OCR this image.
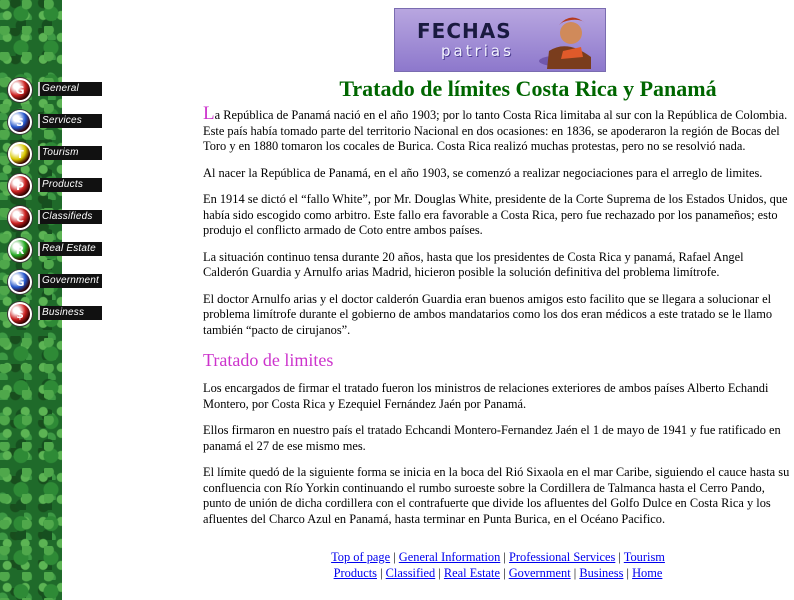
G	General
S	Services
T	Tourism
P	Products
C	Classifieds
R	Real Estate
G	Government
$	Business
FECHAS
patrias
Tratado de límites Costa Rica y Panamá

La República de Panamá nació en el año 1903; por lo tanto Costa Rica limitaba al sur con la República de Colombia. Este país había tomado parte del territorio Nacional en dos ocasiones: en 1836, se apoderaron la región de Bocas del Toro y en 1880 tomaron los cocales de Burica. Costa Rica realizó muchas protestas, pero no se resolvió nada.

Al nacer la República de Panamá, en el año 1903, se comenzó a realizar negociaciones para el arreglo de limites.

En 1914 se dictó el “fallo White”, por Mr. Douglas White, presidente de la Corte Suprema de los Estados Unidos, que había sido escogido como arbitro. Este fallo era favorable a Costa Rica, pero fue rechazado por los panameños; esto produjo el conflicto armado de Coto entre ambos países.

La situación continuo tensa durante 20 años, hasta que los presidentes de Costa Rica y panamá, Rafael Angel Calderón Guardia y Arnulfo arias Madrid, hicieron posible la solución definitiva del problema limítrofe.

El doctor Arnulfo arias y el doctor calderón Guardia eran buenos amigos esto facilito que se llegara a solucionar el problema limítrofe durante el gobierno de ambos mandatarios como los dos eran médicos a este tratado se le llamo también “pacto de cirujanos”.

Tratado de limites

Los encargados de firmar el tratado fueron los ministros de relaciones exteriores de ambos países Alberto Echandi Montero, por Costa Rica y Ezequiel Fernández Jaén por Panamá.

Ellos firmaron en nuestro país el tratado Echcandi Montero-Fernandez Jaén el 1 de mayo de 1941 y fue ratificado en panamá el 27 de ese mismo mes.

El límite quedó de la siguiente forma se inicia en la boca del Rió Sixaola en el mar Caribe, siguiendo el cauce hasta su confluencia con Río Yorkin continuando el rumbo suroeste sobre la Cordillera de Talmanca hasta el Cerro Pando, punto de unión de dicha cordillera con el contrafuerte que divide los afluentes del Golfo Dulce en Costa Rica y los afluentes del Charco Azul en Panamá, hasta terminar en Punta Burica, en el Océano Pacifico.

Top of page | General Information | Professional Services | Tourism
Products | Classified | Real Estate | Government | Business | Home
